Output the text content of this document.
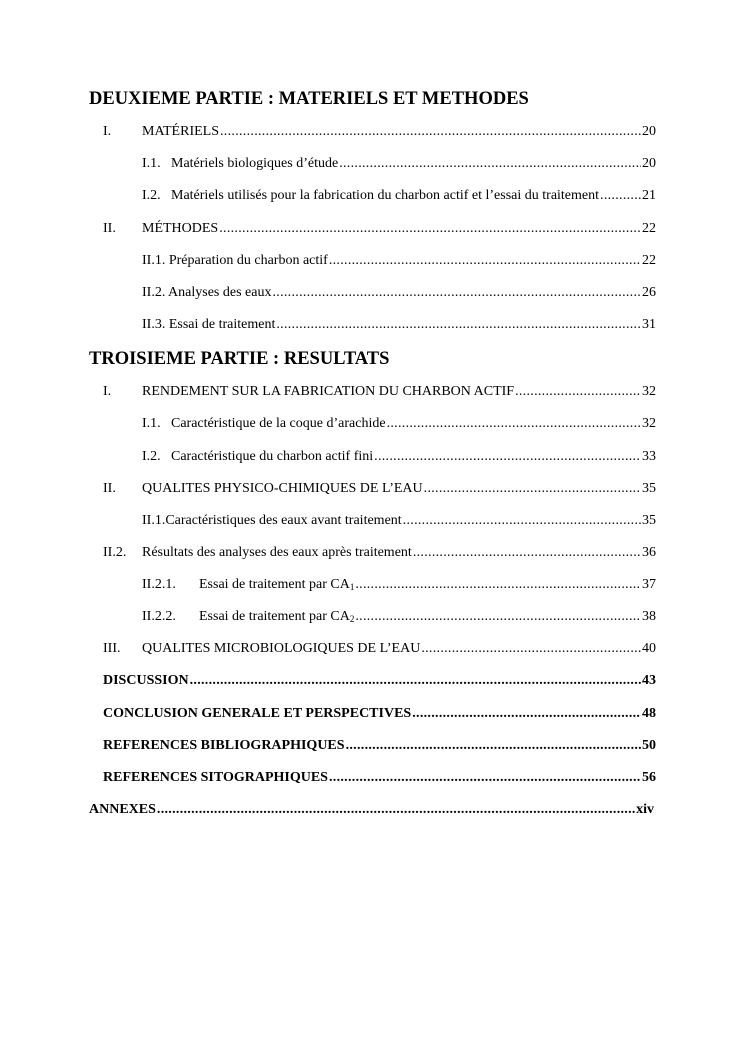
DEUXIEME PARTIE : MATERIELS ET METHODES
I.	MATÉRIELS . . .	20
I.1. Matériels biologiques d’étude . . .	20
I.2. Matériels utilisés pour la fabrication du charbon actif et l’essai du traitement . . .	21
II.	MÉTHODES . . .	22
II.1. Préparation du charbon actif . . .	22
II.2. Analyses des eaux . . .	26
II.3. Essai de traitement . . .	31
TROISIEME PARTIE : RESULTATS
I.	RENDEMENT SUR LA FABRICATION DU CHARBON ACTIF . . .	32
I.1. Caractéristique de la coque d’arachide . . .	32
I.2. Caractéristique du charbon actif fini . . .	33
II.	QUALITES PHYSICO-CHIMIQUES DE L’EAU . . .	35
II.1.Caractéristiques des eaux avant traitement . . .	35
II.2.	Résultats des analyses des eaux après traitement . . .	36
II.2.1.	Essai de traitement par $CA_1$ . . .	37
II.2.2.	Essai de traitement par $CA_2$ . . .	38
III.	QUALITES MICROBIOLOGIQUES DE L’EAU . . .	40
DISCUSSION . . .	43
CONCLUSION GENERALE ET PERSPECTIVES . . .	48
REFERENCES BIBLIOGRAPHIQUES . . .	50
REFERENCES SITOGRAPHIQUES . . .	56
ANNEXES . . .	xiv
